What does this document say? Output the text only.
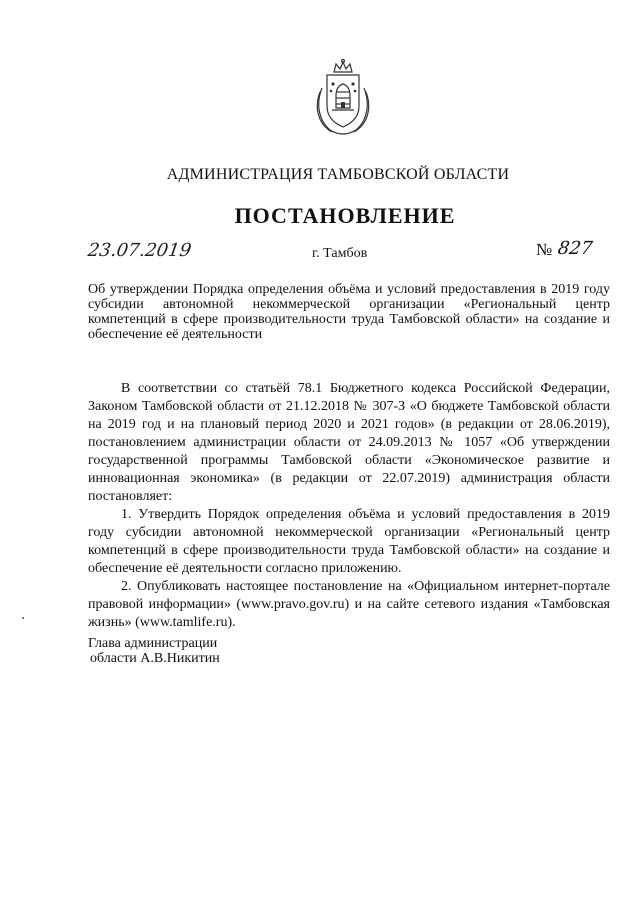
АДМИНИСТРАЦИЯ ТАМБОВСКОЙ ОБЛАСТИ
ПОСТАНОВЛЕНИЕ
23.07.2019	г. Тамбов	№ 827
Об утверждении Порядка определения объёма и условий предоставления в 2019 году субсидии автономной некоммерческой организации «Региональный центр компетенций в сфере производительности труда Тамбовской области» на создание и обеспечение её деятельности

В соответствии со статьёй 78.1 Бюджетного кодекса Российской Федерации, Законом Тамбовской области от 21.12.2018 № 307-З «О бюджете Тамбовской области на 2019 год и на плановый период 2020 и 2021 годов» (в редакции от 28.06.2019), постановлением администрации области от 24.09.2013 № 1057 «Об утверждении государственной программы Тамбовской области «Экономическое развитие и инновационная экономика» (в редакции от 22.07.2019) администрация области постановляет:

1. Утвердить Порядок определения объёма и условий предоставления в 2019 году субсидии автономной некоммерческой организации «Региональный центр компетенций в сфере производительности труда Тамбовской области» на создание и обеспечение её деятельности согласно приложению.

2. Опубликовать настоящее постановление на «Официальном интернет-портале правовой информации» (www.pravo.gov.ru) и на сайте сетевого издания «Тамбовская жизнь» (www.tamlife.ru).

Глава администрации
области А.В.Никитин
